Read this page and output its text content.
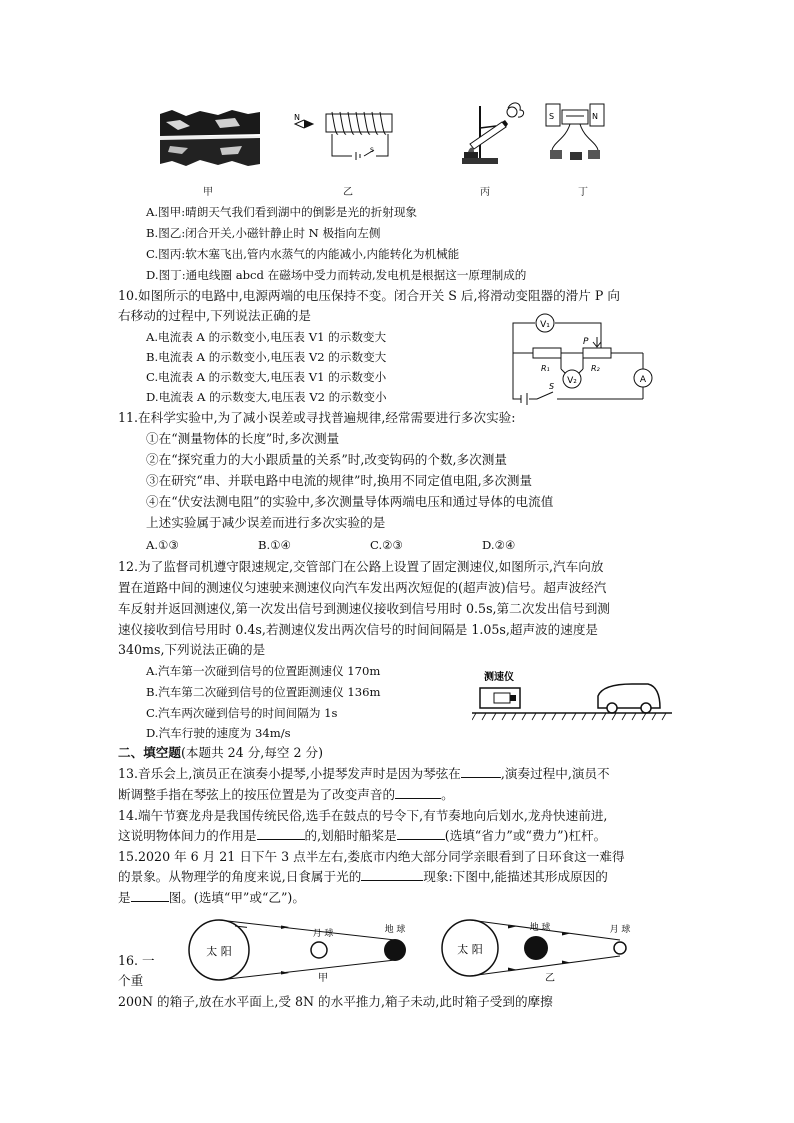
甲
N
S
乙	丙
S	N
丁
A.图甲:晴朗天气我们看到湖中的倒影是光的折射现象
B.图乙:闭合开关,小磁针静止时 N 极指向左侧
C.图丙:软木塞飞出,管内水蒸气的内能减小,内能转化为机械能
D.图丁:通电线圈 abcd 在磁场中受力而转动,发电机是根据这一原理制成的
10.如图所示的电路中,电源两端的电压保持不变。闭合开关 S 后,将滑动变阻器的滑片 P 向
右移动的过程中,下列说法正确的是
A.电流表 A 的示数变小,电压表 V1 的示数变大
B.电流表 A 的示数变小,电压表 V2 的示数变大
C.电流表 A 的示数变大,电压表 V1 的示数变小
D.电流表 A 的示数变大,电压表 V2 的示数变小
V₁
R₁	R₂
P
V₂	A
S
11.在科学实验中,为了减小误差或寻找普遍规律,经常需要进行多次实验:
①在“测量物体的长度”时,多次测量
②在“探究重力的大小跟质量的关系”时,改变钩码的个数,多次测量
③在研究“串、并联电路中电流的规律”时,换用不同定值电阻,多次测量
④在“伏安法测电阻”的实验中,多次测量导体两端电压和通过导体的电流值
上述实验属于减少误差而进行多次实验的是
A.①③	B.①④	C.②③	D.②④
12.为了监督司机遵守限速规定,交管部门在公路上设置了固定测速仪,如图所示,汽车向放
置在道路中间的测速仪匀速驶来测速仪向汽车发出两次短促的(超声波)信号。超声波经汽
车反射并返回测速仪,第一次发出信号到测速仪接收到信号用时 0.5s,第二次发出信号到测
速仪接收到信号用时 0.4s,若测速仪发出两次信号的时间间隔是 1.05s,超声波的速度是
340ms,下列说法正确的是
A.汽车第一次碰到信号的位置距测速仪 170m
B.汽车第二次碰到信号的位置距测速仪 136m
C.汽车两次碰到信号的时间间隔为 1s
D.汽车行驶的速度为 34m/s
测速仪
二、填空题(本题共 24 分,每空 2 分)
13.音乐会上,演员正在演奏小提琴,小提琴发声时是因为琴弦在	,演奏过程中,演员不
断调整手指在琴弦上的按压位置是为了改变声音的	。
14.端午节赛龙舟是我国传统民俗,选手在鼓点的号令下,有节奏地向后划水,龙舟快速前进,
这说明物体间力的作用是	的,划船时船桨是	(选填“省力”或“费力”)杠杆。
15.2020 年 6 月 21 日下午 3 点半左右,娄底市内绝大部分同学亲眼看到了日环食这一难得
的景象。从物理学的角度来说,日食属于光的	现象:下图中,能描述其形成原因的
是	图。(选填“甲”或“乙”)。
太 阳
月 球	地 球
甲
太 阳
地 球	月 球
乙
16. 一
个重
200N 的箱子,放在水平面上,受 8N 的水平推力,箱子未动,此时箱子受到的摩擦
